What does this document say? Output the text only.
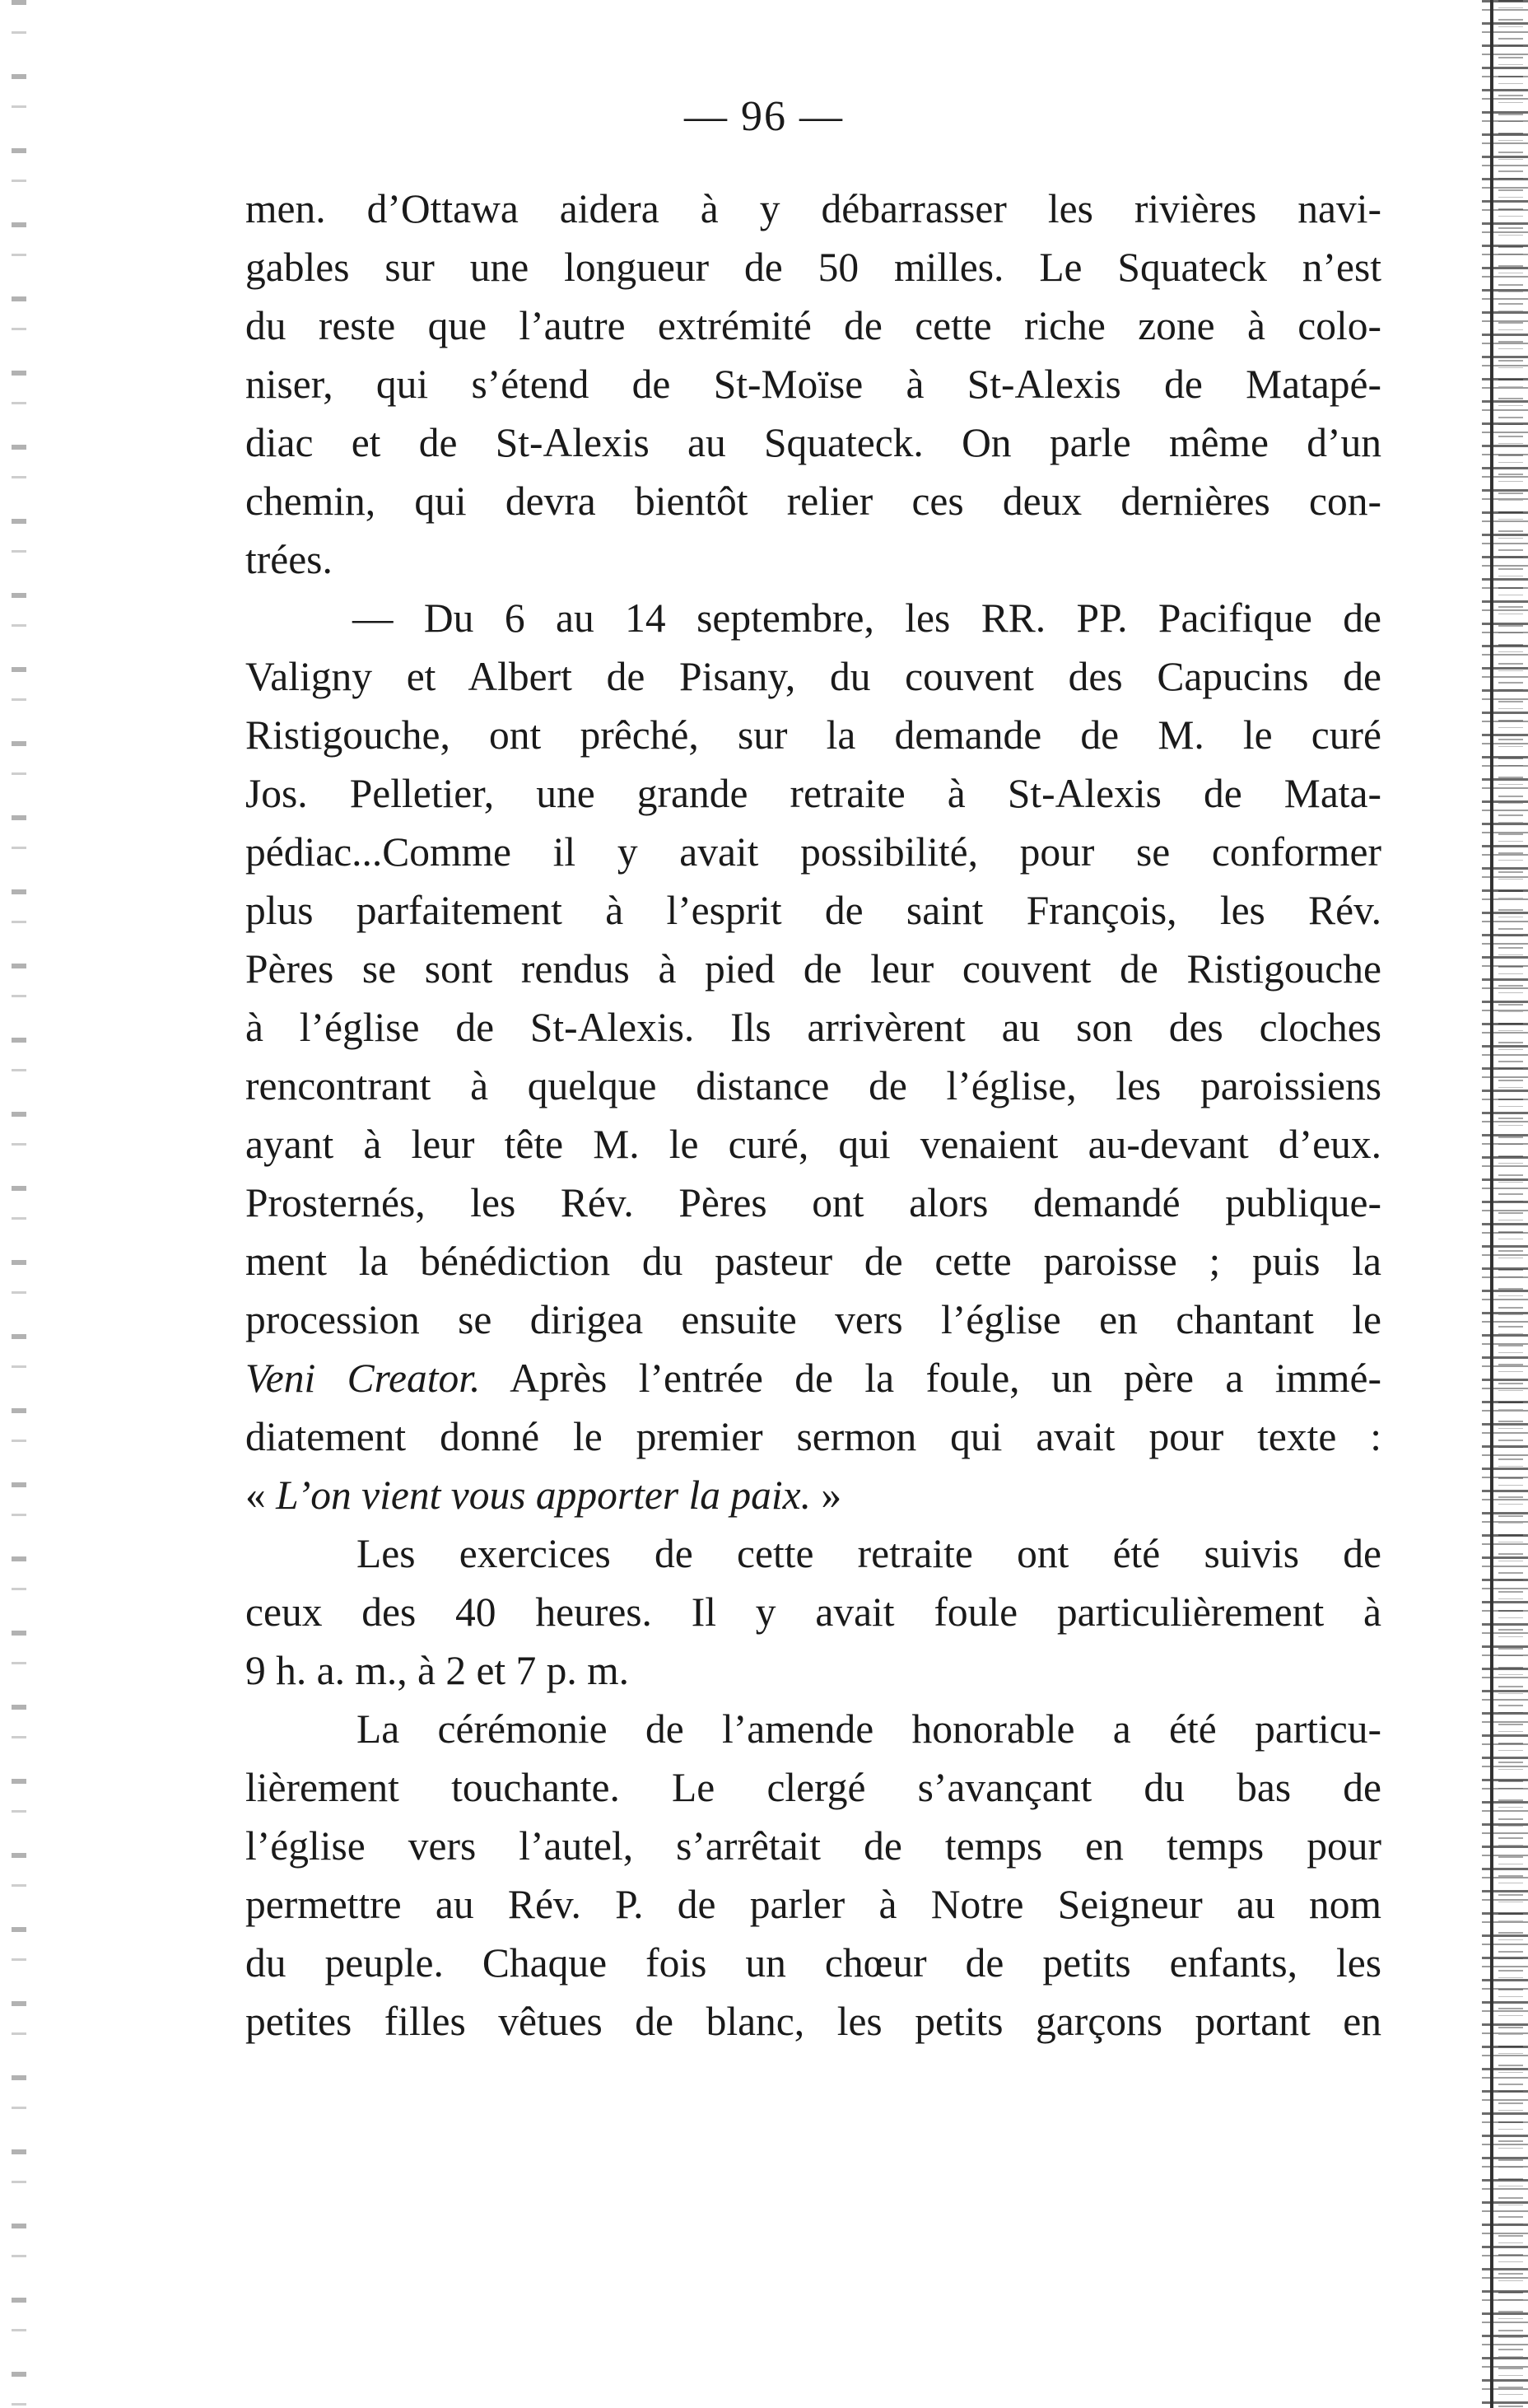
— 96 —
men. d’Ottawa aidera à y débarrasser les rivières navi-
gables sur une longueur de 50 milles. Le Squateck n’est
du reste que l’autre extrémité de cette riche zone à colo-
niser, qui s’étend de St-Moïse à St-Alexis de Matapé-
diac et de St-Alexis au Squateck. On parle même d’un
chemin, qui devra bientôt relier ces deux dernières con-
trées.
— Du 6 au 14 septembre, les RR. PP. Pacifique de
Valigny et Albert de Pisany, du couvent des Capucins de
Ristigouche, ont prêché, sur la demande de M. le curé
Jos. Pelletier, une grande retraite à St-Alexis de Mata-
pédiac...Comme il y avait possibilité, pour se conformer
plus parfaitement à l’esprit de saint François, les Rév.
Pères se sont rendus à pied de leur couvent de Ristigouche
à l’église de St-Alexis. Ils arrivèrent au son des cloches
rencontrant à quelque distance de l’église, les paroissiens
ayant à leur tête M. le curé, qui venaient au-devant d’eux.
Prosternés, les Rév. Pères ont alors demandé publique-
ment la bénédiction du pasteur de cette paroisse ; puis la
procession se dirigea ensuite vers l’église en chantant le
Veni Creator. Après l’entrée de la foule, un père a immé-
diatement donné le premier sermon qui avait pour texte :
« L’on vient vous apporter la paix. »
Les exercices de cette retraite ont été suivis de
ceux des 40 heures. Il y avait foule particulièrement à
9 h. a. m., à 2 et 7 p. m.
La cérémonie de l’amende honorable a été particu-
lièrement touchante. Le clergé s’avançant du bas de
l’église vers l’autel, s’arrêtait de temps en temps pour
permettre au Rév. P. de parler à Notre Seigneur au nom
du peuple. Chaque fois un chœur de petits enfants, les
petites filles vêtues de blanc, les petits garçons portant en
